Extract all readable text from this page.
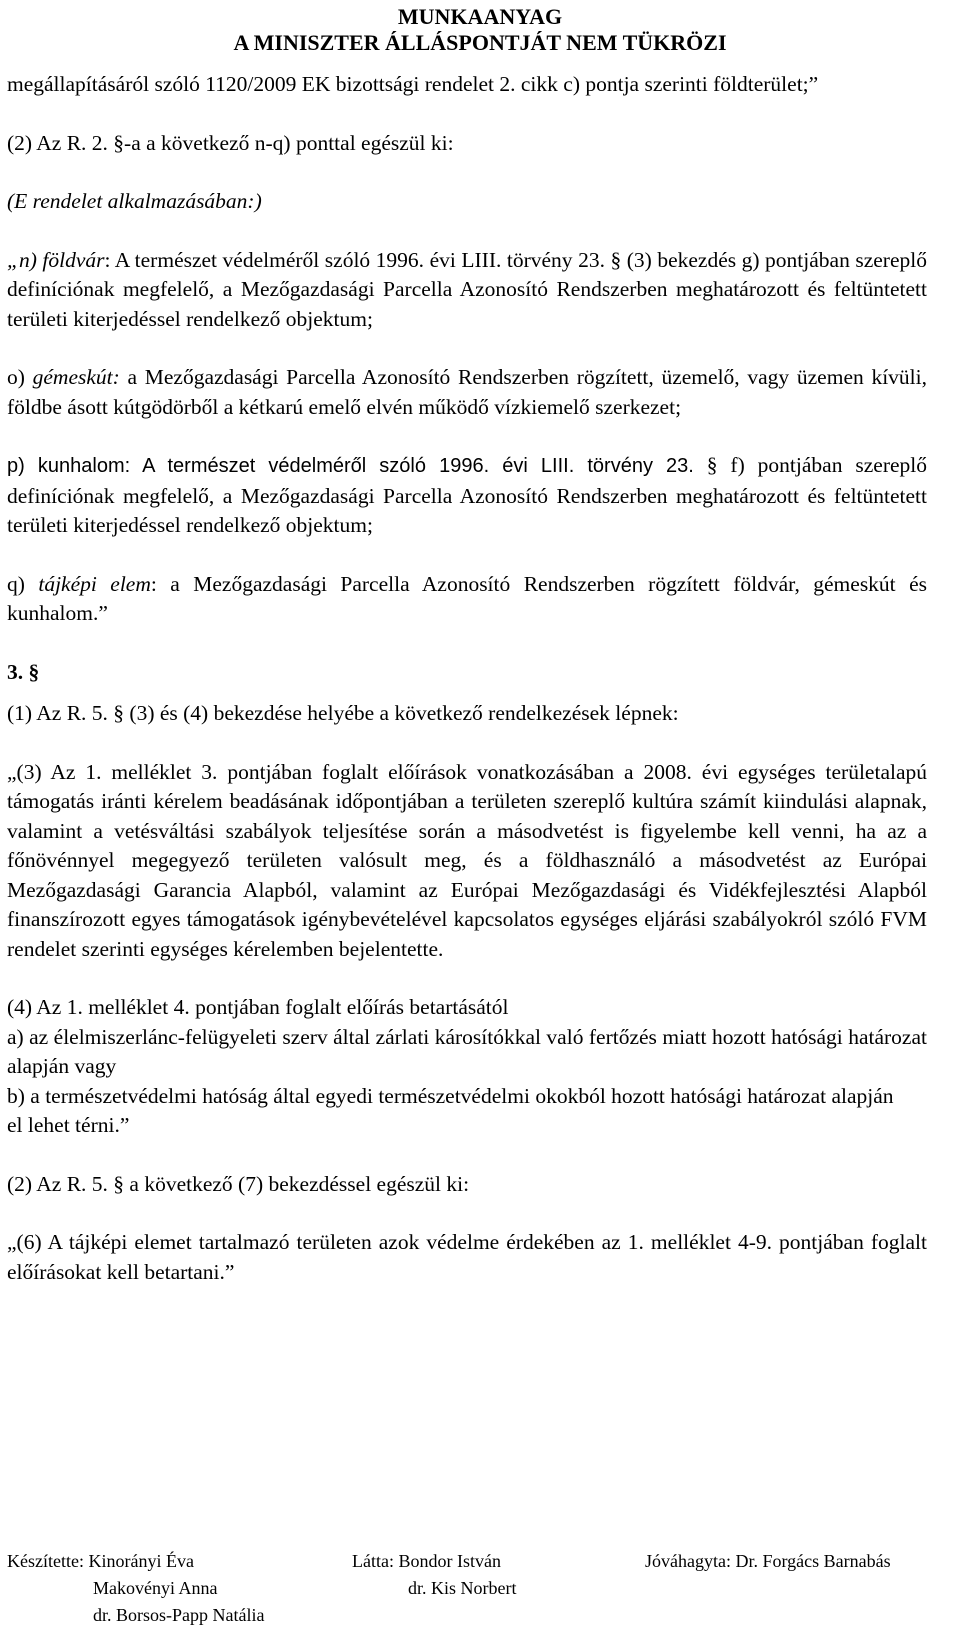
MUNKAANYAG
A MINISZTER ÁLLÁSPONTJÁT NEM TÜKRÖZI

megállapításáról szóló 1120/2009 EK bizottsági rendelet 2. cikk c) pontja szerinti földterület;”

(2) Az R. 2. §-a a következő n-q) ponttal egészül ki:

(E rendelet alkalmazásában:)

„n) földvár: A természet védelméről szóló 1996. évi LIII. törvény 23. § (3) bekezdés g) pontjában szereplő definíciónak megfelelő, a Mezőgazdasági Parcella Azonosító Rendszerben meghatározott és feltüntetett területi kiterjedéssel rendelkező objektum;

o) gémeskút: a Mezőgazdasági Parcella Azonosító Rendszerben rögzített, üzemelő, vagy üzemen kívüli, földbe ásott kútgödörből a kétkarú emelő elvén működő vízkiemelő szerkezet;

p) kunhalom: A természet védelméről szóló 1996. évi LIII. törvény 23. § f) pontjában szereplő definíciónak megfelelő, a Mezőgazdasági Parcella Azonosító Rendszerben meghatározott és feltüntetett területi kiterjedéssel rendelkező objektum;

q) tájképi elem: a Mezőgazdasági Parcella Azonosító Rendszerben rögzített földvár, gémeskút és kunhalom.”

3. §

(1) Az R. 5. § (3) és (4) bekezdése helyébe a következő rendelkezések lépnek:

„(3) Az 1. melléklet 3. pontjában foglalt előírások vonatkozásában a 2008. évi egységes területalapú támogatás iránti kérelem beadásának időpontjában a területen szereplő kultúra számít kiindulási alapnak, valamint a vetésváltási szabályok teljesítése során a másodvetést is figyelembe kell venni, ha az a főnövénnyel megegyező területen valósult meg, és a földhasználó a másodvetést az Európai Mezőgazdasági Garancia Alapból, valamint az Európai Mezőgazdasági és Vidékfejlesztési Alapból finanszírozott egyes támogatások igénybevételével kapcsolatos egységes eljárási szabályokról szóló FVM rendelet szerinti egységes kérelemben bejelentette.

(4) Az 1. melléklet 4. pontjában foglalt előírás betartásától

a) az élelmiszerlánc-felügyeleti szerv által zárlati károsítókkal való fertőzés miatt hozott hatósági határozat alapján vagy

b) a természetvédelmi hatóság által egyedi természetvédelmi okokból hozott hatósági határozat alapján

el lehet térni.”

(2) Az R. 5. § a következő (7) bekezdéssel egészül ki:

„(6) A tájképi elemet tartalmazó területen azok védelme érdekében az 1. melléklet 4-9. pontjában foglalt előírásokat kell betartani.”

Készítette: Kinorányi Éva
Makovényi Anna
dr. Borsos-Papp Natália
Látta: Bondor István
dr. Kis Norbert
Jóváhagyta: Dr. Forgács Barnabás
